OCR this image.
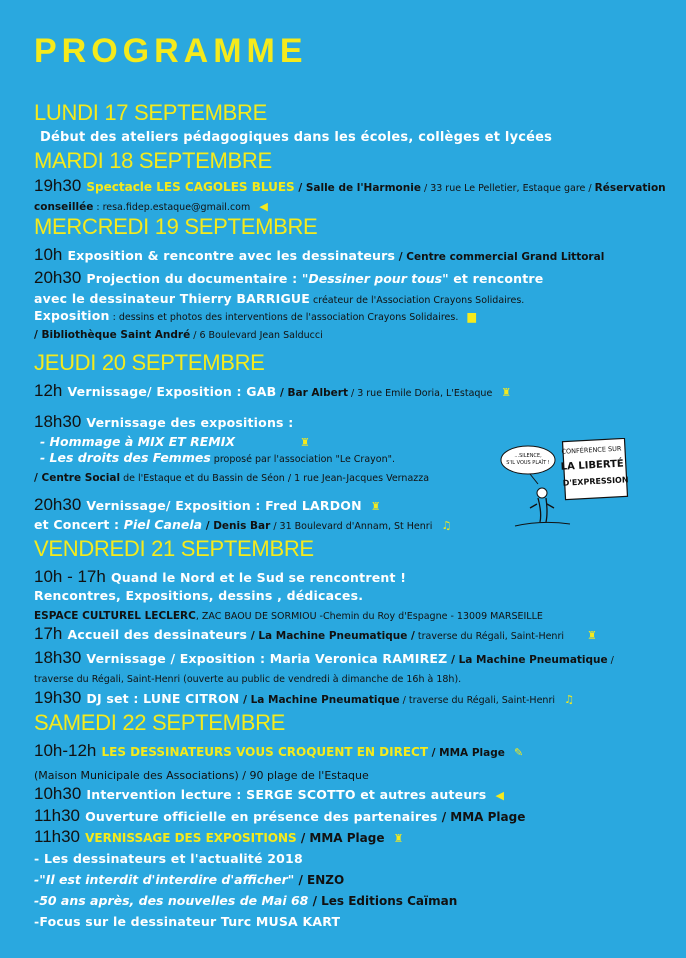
PROGRAMME
LUNDI 17 SEPTEMBRE
Début des ateliers pédagogiques dans les écoles, collèges et lycées
MARDI 18 SEPTEMBRE
19h30 Spectacle LES CAGOLES BLUES / Salle de l'Harmonie / 33 rue Le Pelletier, Estaque gare / Réservation
conseillée : resa.fidep.estaque@gmail.com ◀
MERCREDI 19 SEPTEMBRE
10h Exposition & rencontre avec les dessinateurs / Centre commercial Grand Littoral
20h30 Projection du documentaire : "Dessiner pour tous" et rencontre
avec le dessinateur Thierry BARRIGUE créateur de l'Association Crayons Solidaires.
Exposition : dessins et photos des interventions de l'association Crayons Solidaires. ▆
/ Bibliothèque Saint André / 6 Boulevard Jean Salducci
JEUDI 20 SEPTEMBRE
12h Vernissage/ Exposition : GAB / Bar Albert / 3 rue Emile Doria, L'Estaque ♜
18h30 Vernissage des expositions :
- Hommage à MIX ET REMIX	♜
- Les droits des Femmes proposé par l'association "Le Crayon".
/ Centre Social de l'Estaque et du Bassin de Séon / 1 rue Jean-Jacques Vernazza
20h30 Vernissage/ Exposition : Fred LARDON ♜
et Concert : Piel Canela / Denis Bar / 31 Boulevard d'Annam, St Henri ♫
...SILENCE, S'IL VOUS PLAÎT !
CONFÉRENCE SUR LA LIBERTÉ D'EXPRESSION
VENDREDI 21 SEPTEMBRE
10h - 17h Quand le Nord et le Sud se rencontrent !
Rencontres, Expositions, dessins , dédicaces.
ESPACE CULTUREL LECLERC, ZAC BAOU DE SORMIOU -Chemin du Roy d'Espagne - 13009 MARSEILLE
17h Accueil des dessinateurs / La Machine Pneumatique / traverse du Régali, Saint-Henri ♜
18h30 Vernissage / Exposition : Maria Veronica RAMIREZ / La Machine Pneumatique /
traverse du Régali, Saint-Henri (ouverte au public de vendredi à dimanche de 16h à 18h).
19h30 DJ set : LUNE CITRON / La Machine Pneumatique / traverse du Régali, Saint-Henri ♫
SAMEDI 22 SEPTEMBRE
10h-12h LES DESSINATEURS VOUS CROQUENT EN DIRECT / MMA Plage ✎
(Maison Municipale des Associations) / 90 plage de l'Estaque
10h30 Intervention lecture : SERGE SCOTTO et autres auteurs ◀
11h30 Ouverture officielle en présence des partenaires / MMA Plage
11h30 VERNISSAGE DES EXPOSITIONS / MMA Plage ♜
- Les dessinateurs et l'actualité 2018
-"Il est interdit d'interdire d'afficher" / ENZO
-50 ans après, des nouvelles de Mai 68 / Les Editions Caïman
-Focus sur le dessinateur Turc MUSA KART
